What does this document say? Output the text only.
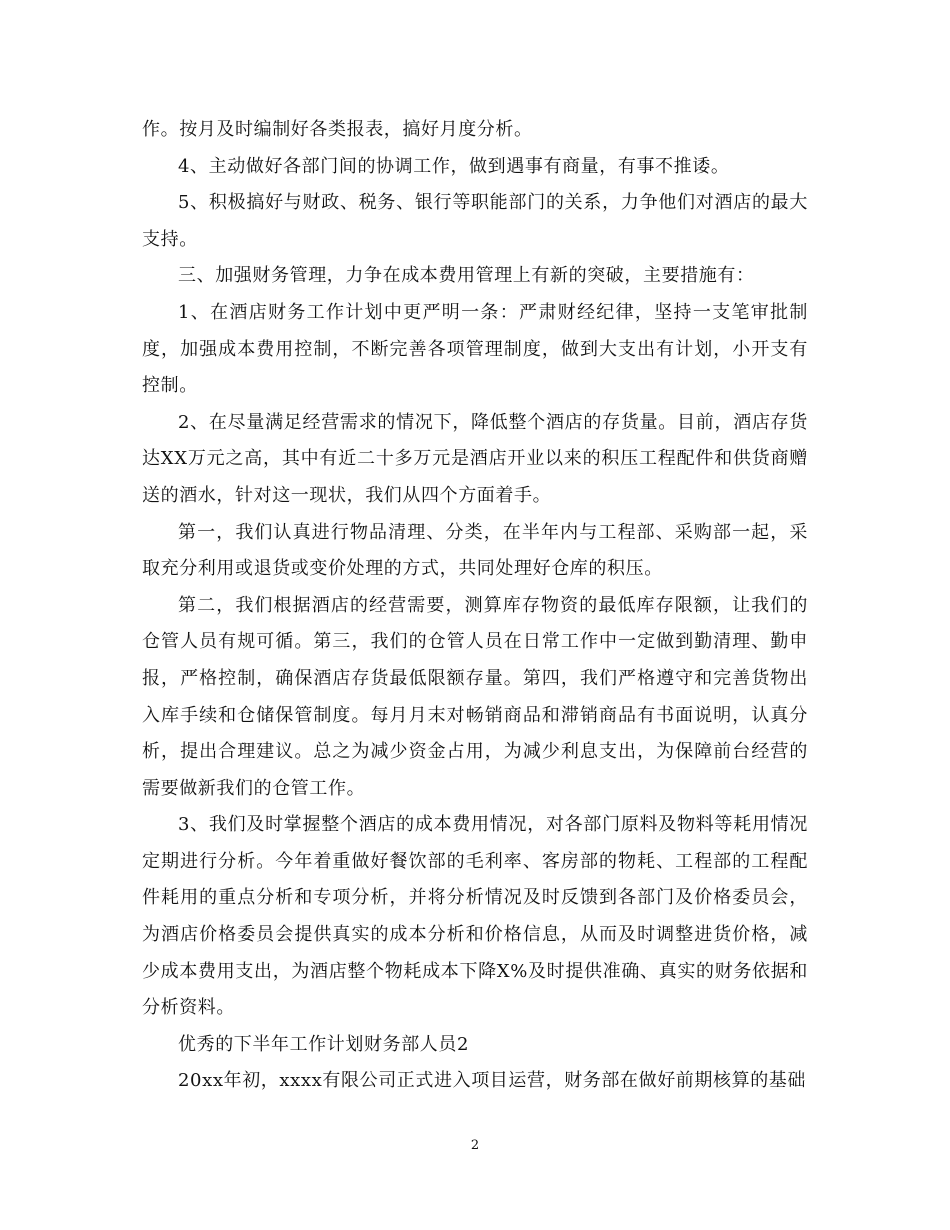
作。按月及时编制好各类报表，搞好月度分析。

4、主动做好各部门间的协调工作，做到遇事有商量，有事不推诿。

5、积极搞好与财政、税务、银行等职能部门的关系，力争他们对酒店的最大支持。

三、加强财务管理，力争在成本费用管理上有新的突破，主要措施有：

1、在酒店财务工作计划中更严明一条：严肃财经纪律，坚持一支笔审批制度，加强成本费用控制，不断完善各项管理制度，做到大支出有计划，小开支有控制。

2、在尽量满足经营需求的情况下，降低整个酒店的存货量。目前，酒店存货达XX万元之高，其中有近二十多万元是酒店开业以来的积压工程配件和供货商赠送的酒水，针对这一现状，我们从四个方面着手。

第一，我们认真进行物品清理、分类，在半年内与工程部、采购部一起，采取充分利用或退货或变价处理的方式，共同处理好仓库的积压。

第二，我们根据酒店的经营需要，测算库存物资的最低库存限额，让我们的仓管人员有规可循。第三，我们的仓管人员在日常工作中一定做到勤清理、勤申报，严格控制，确保酒店存货最低限额存量。第四，我们严格遵守和完善货物出入库手续和仓储保管制度。每月月末对畅销商品和滞销商品有书面说明，认真分析，提出合理建议。总之为减少资金占用，为减少利息支出，为保障前台经营的需要做新我们的仓管工作。

3、我们及时掌握整个酒店的成本费用情况，对各部门原料及物料等耗用情况定期进行分析。今年着重做好餐饮部的毛利率、客房部的物耗、工程部的工程配件耗用的重点分析和专项分析，并将分析情况及时反馈到各部门及价格委员会，为酒店价格委员会提供真实的成本分析和价格信息，从而及时调整进货价格，减少成本费用支出，为酒店整个物耗成本下降X%及时提供准确、真实的财务依据和分析资料。

优秀的下半年工作计划财务部人员2

20xx年初，xxxx有限公司正式进入项目运营，财务部在做好前期核算的基础

2
